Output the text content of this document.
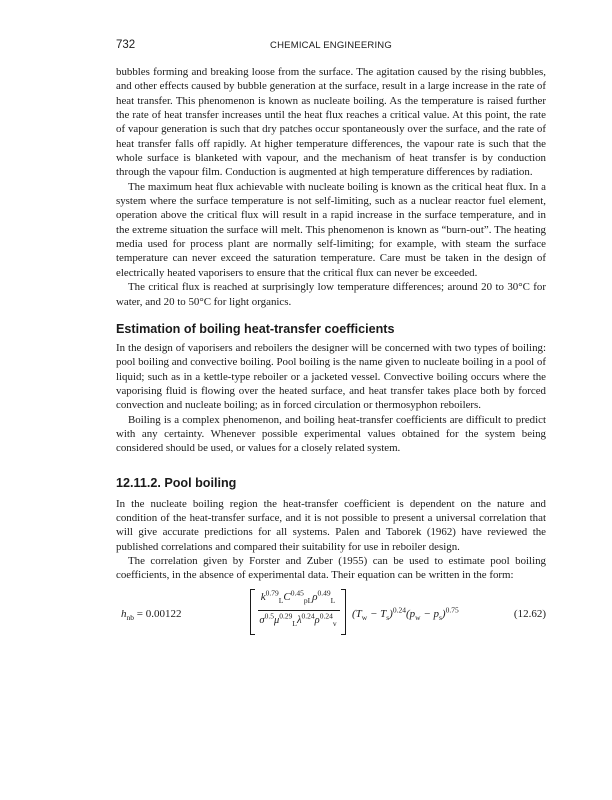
732	CHEMICAL ENGINEERING

bubbles forming and breaking loose from the surface. The agitation caused by the rising bubbles, and other effects caused by bubble generation at the surface, result in a large increase in the rate of heat transfer. This phenomenon is known as nucleate boiling. As the temperature is raised further the rate of heat transfer increases until the heat flux reaches a critical value. At this point, the rate of vapour generation is such that dry patches occur spontaneously over the surface, and the rate of heat transfer falls off rapidly. At higher temperature differences, the vapour rate is such that the whole surface is blanketed with vapour, and the mechanism of heat transfer is by conduction through the vapour film. Conduction is augmented at high temperature differences by radiation.

The maximum heat flux achievable with nucleate boiling is known as the critical heat flux. In a system where the surface temperature is not self-limiting, such as a nuclear reactor fuel element, operation above the critical flux will result in a rapid increase in the surface temperature, and in the extreme situation the surface will melt. This phenomenon is known as “burn-out”. The heating media used for process plant are normally self-limiting; for example, with steam the surface temperature can never exceed the saturation temperature. Care must be taken in the design of electrically heated vaporisers to ensure that the critical flux can never be exceeded.

The critical flux is reached at surprisingly low temperature differences; around 20 to 30°C for water, and 20 to 50°C for light organics.

Estimation of boiling heat-transfer coefficients

In the design of vaporisers and reboilers the designer will be concerned with two types of boiling: pool boiling and convective boiling. Pool boiling is the name given to nucleate boiling in a pool of liquid; such as in a kettle-type reboiler or a jacketed vessel. Convective boiling occurs where the vaporising fluid is flowing over the heated surface, and heat transfer takes place both by forced convection and nucleate boiling; as in forced circulation or thermosyphon reboilers.

Boiling is a complex phenomenon, and boiling heat-transfer coefficients are difficult to predict with any certainty. Whenever possible experimental values obtained for the system being considered should be used, or values for a closely related system.

12.11.2. Pool boiling

In the nucleate boiling region the heat-transfer coefficient is dependent on the nature and condition of the heat-transfer surface, and it is not possible to present a universal correlation that will give accurate predictions for all systems. Palen and Taborek (1962) have reviewed the published correlations and compared their suitability for use in reboiler design.

The correlation given by Forster and Zuber (1955) can be used to estimate pool boiling coefficients, in the absence of experimental data. Their equation can be written in the form:

$h_{nb} = 0.00122$
$k^{0.79}_LC^{0.45}_{pL}\rho^{0.49}_L$
$\sigma^{0.5}\mu^{0.29}_L\lambda^{0.24}\rho^{0.24}_v$
$(T_w - T_s)^{0.24}(p_w - p_s)^{0.75}$	(12.62)
